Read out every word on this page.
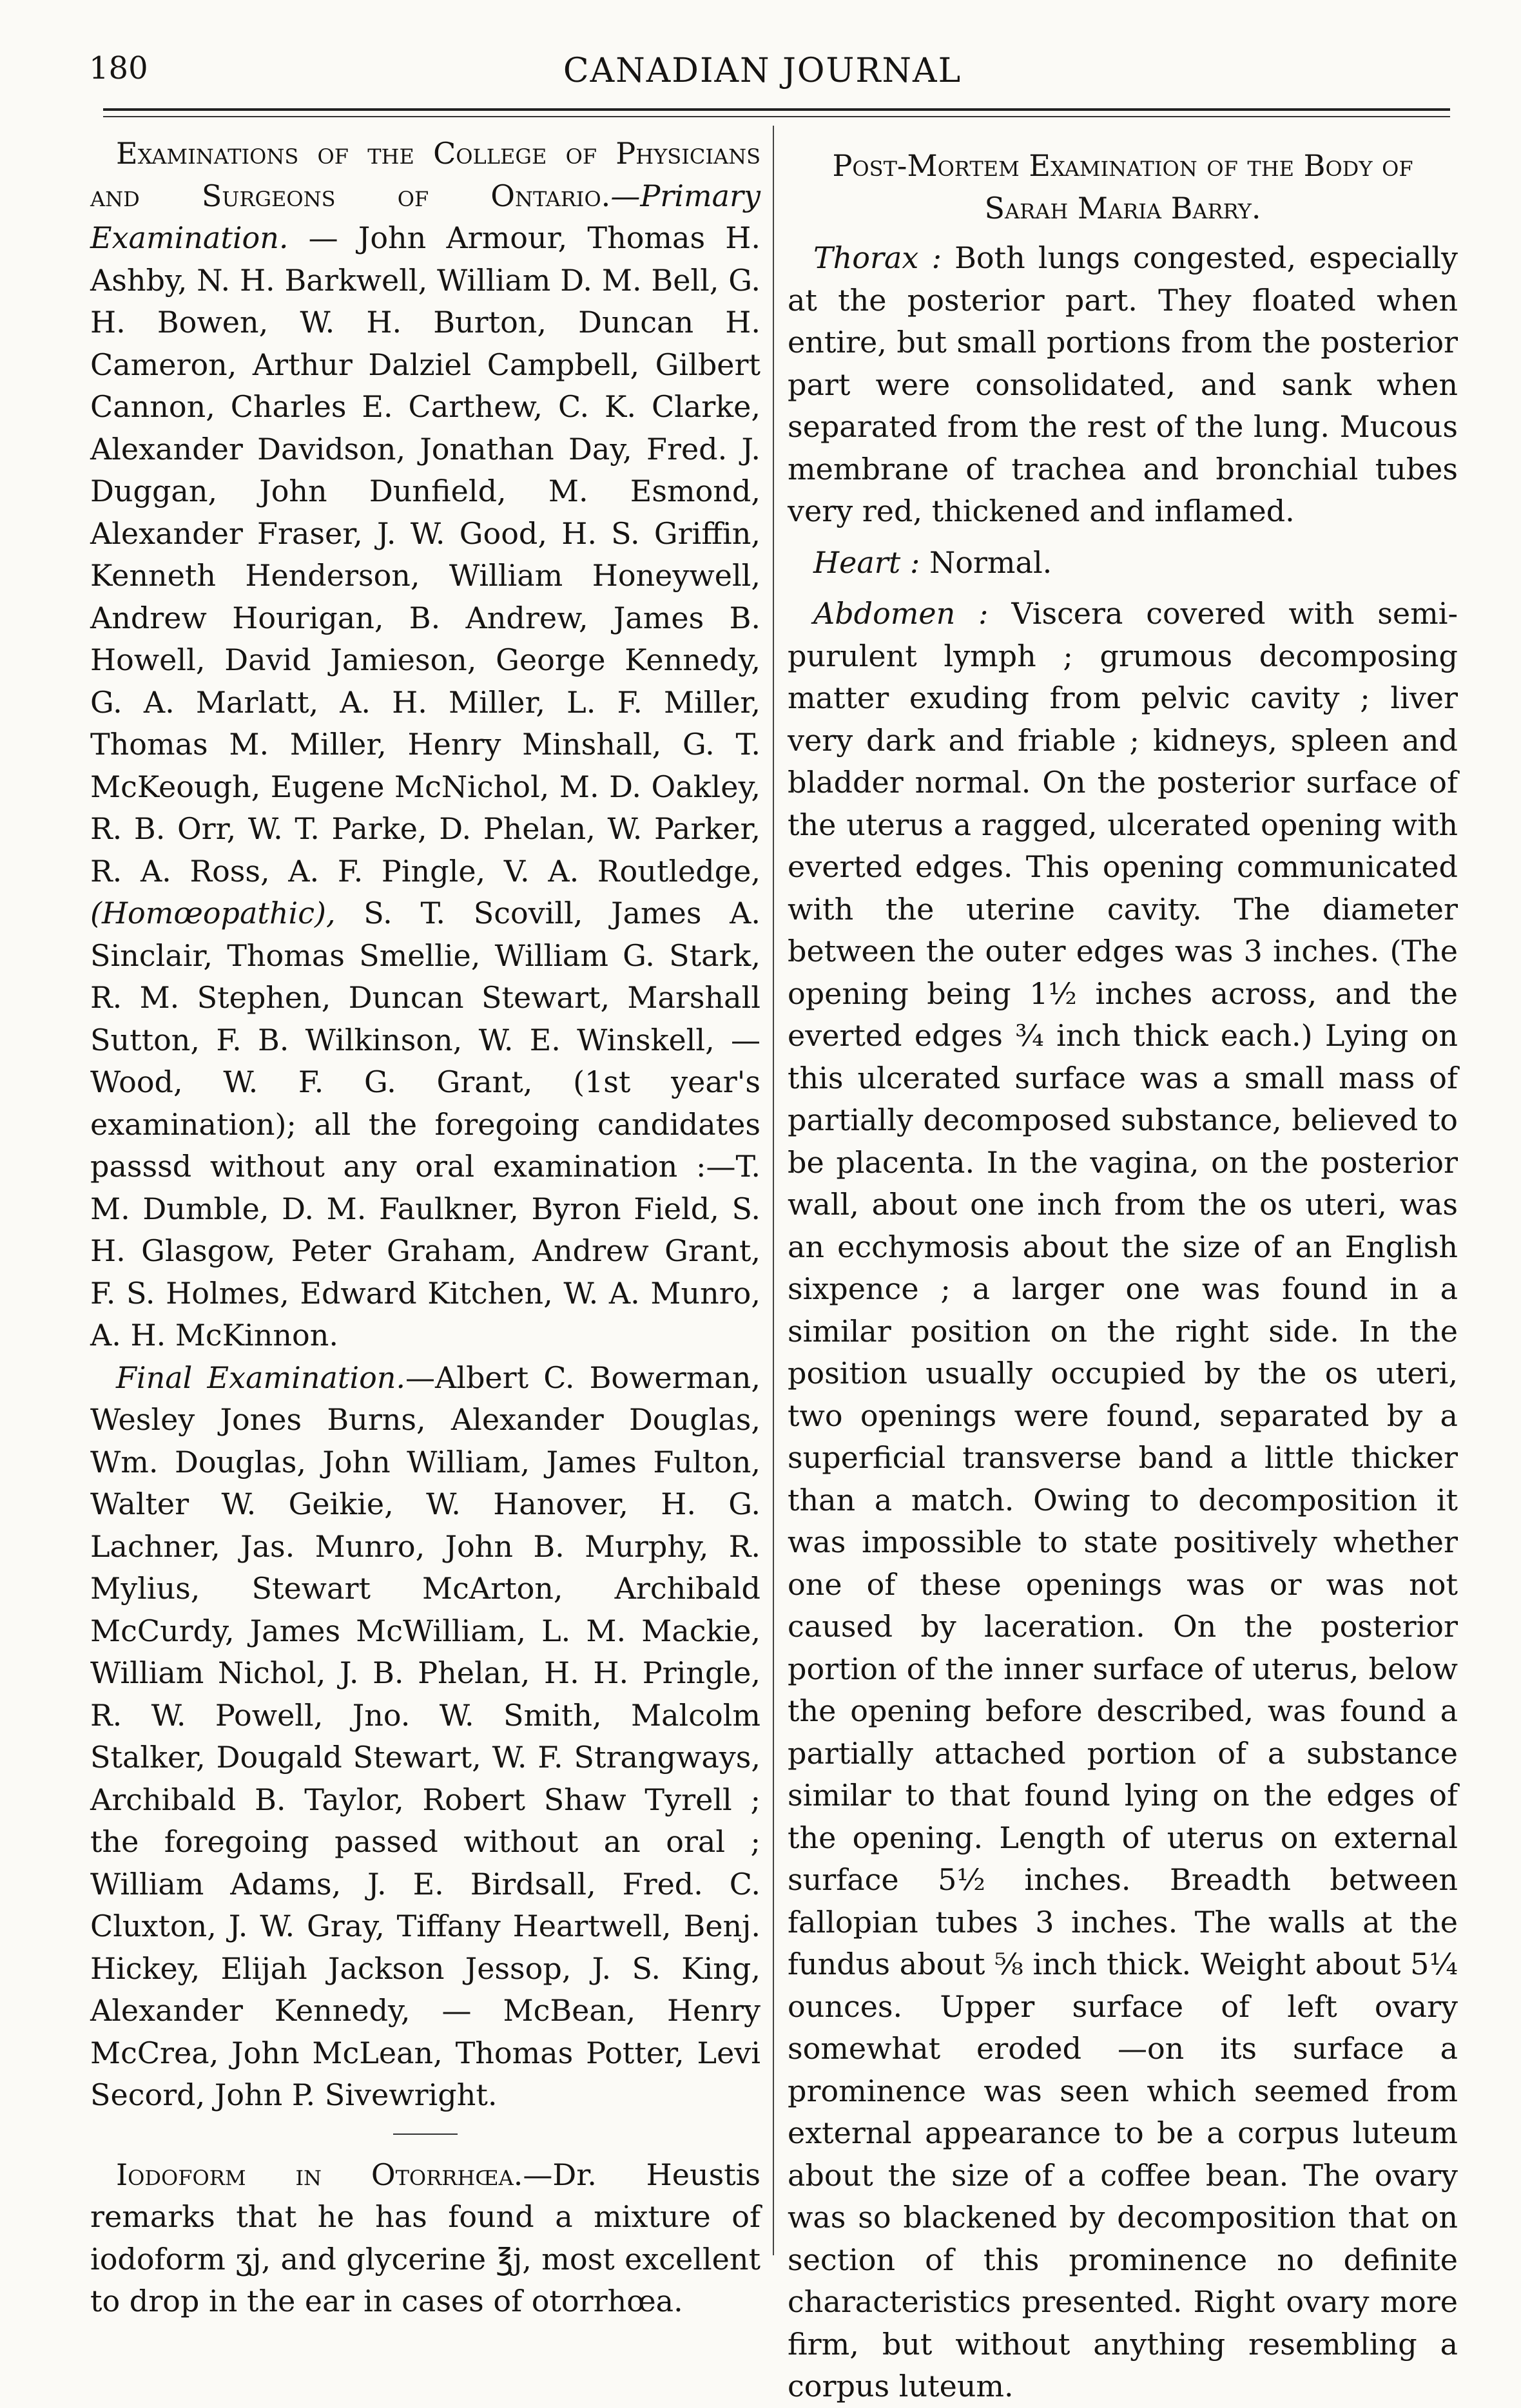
180	CANADIAN JOURNAL

Examinations of the College of Physicians and Surgeons of Ontario.—Primary Examination. — John Armour, Thomas H. Ashby, N. H. Barkwell, William D. M. Bell, G. H. Bowen, W. H. Burton, Duncan H. Cameron, Arthur Dalziel Campbell, Gilbert Cannon, Charles E. Carthew, C. K. Clarke, Alexander Davidson, Jonathan Day, Fred. J. Duggan, John Dunfield, M. Esmond, Alexander Fraser, J. W. Good, H. S. Griffin, Kenneth Henderson, William Honeywell, Andrew Hourigan, B. Andrew, James B. Howell, David Jamieson, George Kennedy, G. A. Marlatt, A. H. Miller, L. F. Miller, Thomas M. Miller, Henry Minshall, G. T. McKeough, Eugene McNichol, M. D. Oakley, R. B. Orr, W. T. Parke, D. Phelan, W. Parker, R. A. Ross, A. F. Pingle, V. A. Routledge, (Homœopathic), S. T. Scovill, James A. Sinclair, Thomas Smellie, William G. Stark, R. M. Stephen, Duncan Stewart, Marshall Sutton, F. B. Wilkinson, W. E. Winskell, — Wood, W. F. G. Grant, (1st year's examination); all the foregoing candidates passsd without any oral examination :—T. M. Dumble, D. M. Faulkner, Byron Field, S. H. Glasgow, Peter Graham, Andrew Grant, F. S. Holmes, Edward Kitchen, W. A. Munro, A. H. McKinnon.

Final Examination.—Albert C. Bowerman, Wesley Jones Burns, Alexander Douglas, Wm. Douglas, John William, James Fulton, Walter W. Geikie, W. Hanover, H. G. Lachner, Jas. Munro, John B. Murphy, R. Mylius, Stewart McArton, Archibald McCurdy, James McWilliam, L. M. Mackie, William Nichol, J. B. Phelan, H. H. Pringle, R. W. Powell, Jno. W. Smith, Malcolm Stalker, Dougald Stewart, W. F. Strangways, Archibald B. Taylor, Robert Shaw Tyrell ; the foregoing passed without an oral ; William Adams, J. E. Birdsall, Fred. C. Cluxton, J. W. Gray, Tiffany Heartwell, Benj. Hickey, Elijah Jackson Jessop, J. S. King, Alexander Kennedy, — McBean, Henry McCrea, John McLean, Thomas Potter, Levi Secord, John P. Sivewright.

Iodoform in Otorrhœa.—Dr. Heustis remarks that he has found a mixture of iodoform ʒj, and glycerine ℥j, most excellent to drop in the ear in cases of otorrhœa.

Post-Mortem Examination of the Body of
Sarah Maria Barry.

Thorax : Both lungs congested, especially at the posterior part. They floated when entire, but small portions from the posterior part were consolidated, and sank when separated from the rest of the lung. Mucous membrane of trachea and bronchial tubes very red, thickened and inflamed.

Heart : Normal.

Abdomen : Viscera covered with semi-purulent lymph ; grumous decomposing matter exuding from pelvic cavity ; liver very dark and friable ; kidneys, spleen and bladder normal. On the posterior surface of the uterus a ragged, ulcerated opening with everted edges. This opening communicated with the uterine cavity. The diameter between the outer edges was 3 inches. (The opening being 1½ inches across, and the everted edges ¾ inch thick each.) Lying on this ulcerated surface was a small mass of partially decomposed substance, believed to be placenta. In the vagina, on the posterior wall, about one inch from the os uteri, was an ecchymosis about the size of an English sixpence ; a larger one was found in a similar position on the right side. In the position usually occupied by the os uteri, two openings were found, separated by a superficial transverse band a little thicker than a match. Owing to decomposition it was impossible to state positively whether one of these openings was or was not caused by laceration. On the posterior portion of the inner surface of uterus, below the opening before described, was found a partially attached portion of a substance similar to that found lying on the edges of the opening. Length of uterus on external surface 5½ inches. Breadth between fallopian tubes 3 inches. The walls at the fundus about ⅝ inch thick. Weight about 5¼ ounces. Upper surface of left ovary somewhat eroded —on its surface a prominence was seen which seemed from external appearance to be a corpus luteum about the size of a coffee bean. The ovary was so blackened by decomposition that on section of this prominence no definite characteristics presented. Right ovary more firm, but without anything resembling a corpus luteum.
